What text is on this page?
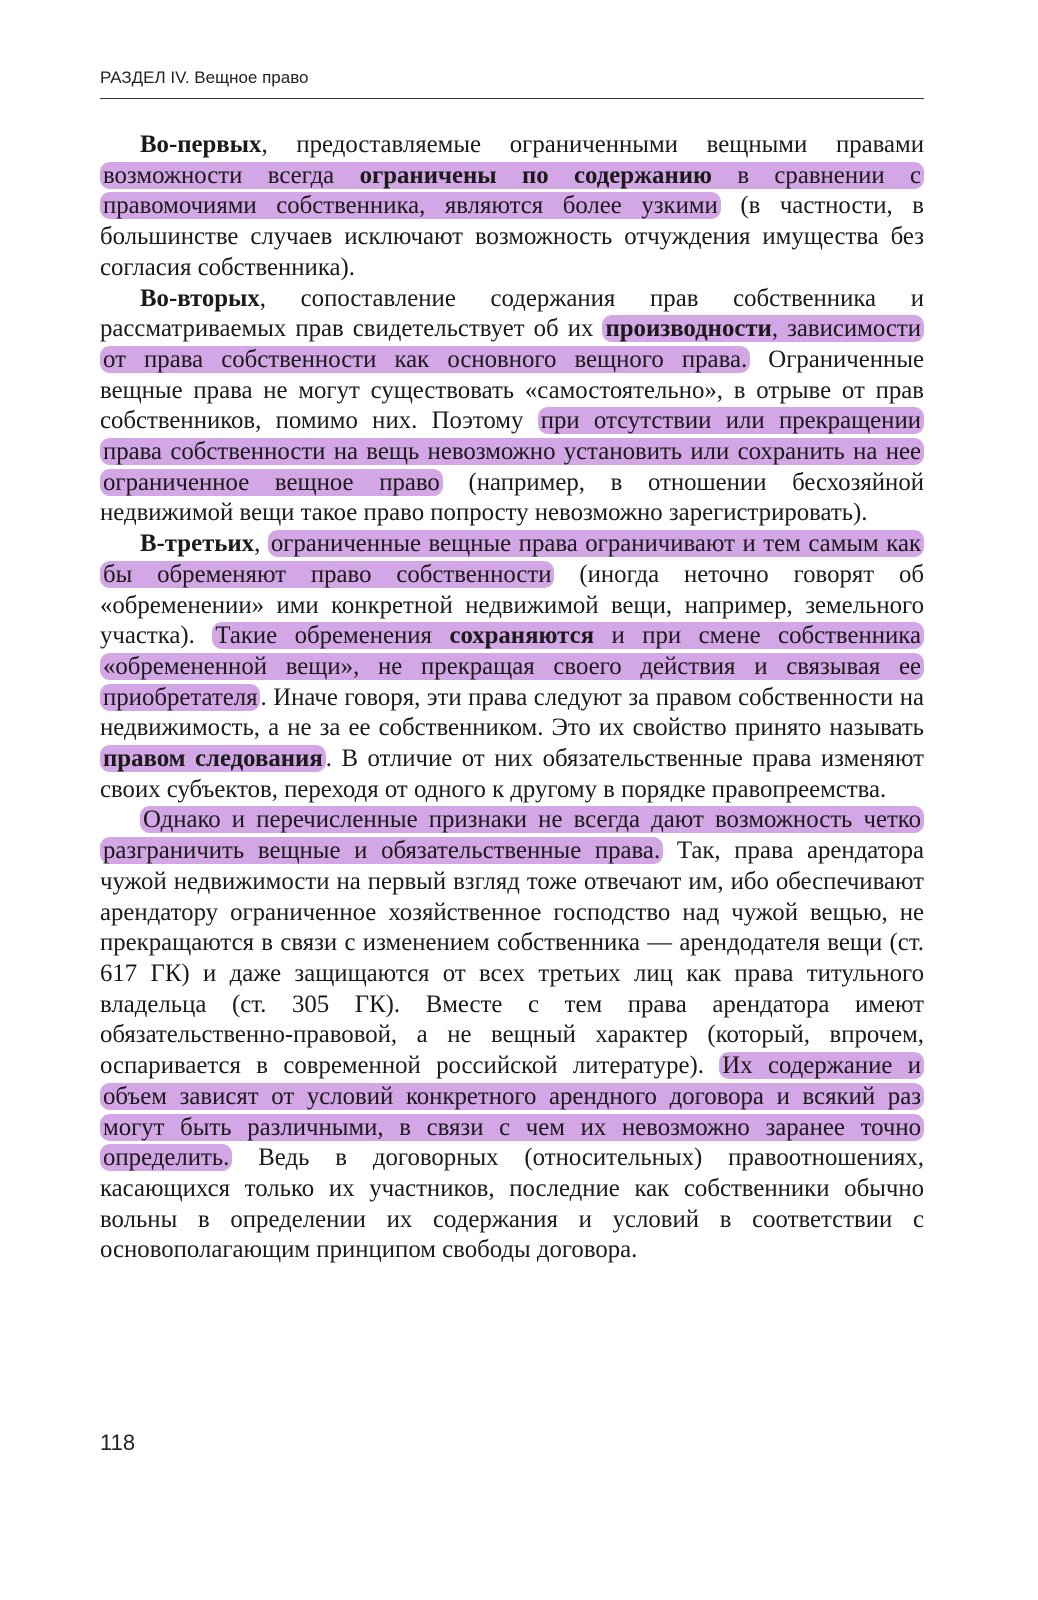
РАЗДЕЛ IV. Вещное право

Во-первых, предоставляемые ограниченными вещными правами возможности всегда ограничены по содержанию в сравнении с правомочиями собственника, являются более узкими (в частности, в большинстве случаев исключают возможность отчуждения имущества без согласия собственника).

Во-вторых, сопоставление содержания прав собственника и рассматриваемых прав свидетельствует об их производности, зависимости от права собственности как основного вещного права. Ограниченные вещные права не могут существовать «самостоятельно», в отрыве от прав собственников, помимо них. Поэтому при отсутствии или прекращении права собственности на вещь невозможно установить или сохранить на нее ограниченное вещное право (например, в отношении бесхозяйной недвижимой вещи такое право попросту невозможно зарегистрировать).

В-третьих, ограниченные вещные права ограничивают и тем самым как бы обременяют право собственности (иногда неточно говорят об «обременении» ими конкретной недвижимой вещи, например, земельного участка). Такие обременения сохраняются и при смене собственника «обремененной вещи», не прекращая своего действия и связывая ее приобретателя . Иначе говоря, эти права следуют за правом собственности на недвижимость, а не за ее собственником. Это их свойство принято называть правом следования . В отличие от них обязательственные права изменяют своих субъектов, переходя от одного к другому в порядке правопреемства.

Однако и перечисленные признаки не всегда дают возможность четко разграничить вещные и обязательственные права. Так, права арендатора чужой недвижимости на первый взгляд тоже отвечают им, ибо обеспечивают арендатору ограниченное хозяйственное господство над чужой вещью, не прекращаются в связи с изменением собственника — арендодателя вещи (ст. 617 ГК) и даже защищаются от всех третьих лиц как права титульного владельца (ст. 305 ГК). Вместе с тем права арендатора имеют обязательственно-правовой, а не вещный характер (который, впрочем, оспаривается в современной российской литературе). Их содержание и объем зависят от условий конкретного арендного договора и всякий раз могут быть различными, в связи с чем их невозможно заранее точно определить. Ведь в договорных (относительных) правоотношениях, касающихся только их участников, последние как собственники обычно вольны в определении их содержания и условий в соответствии с основополагающим принципом свободы договора.

118
